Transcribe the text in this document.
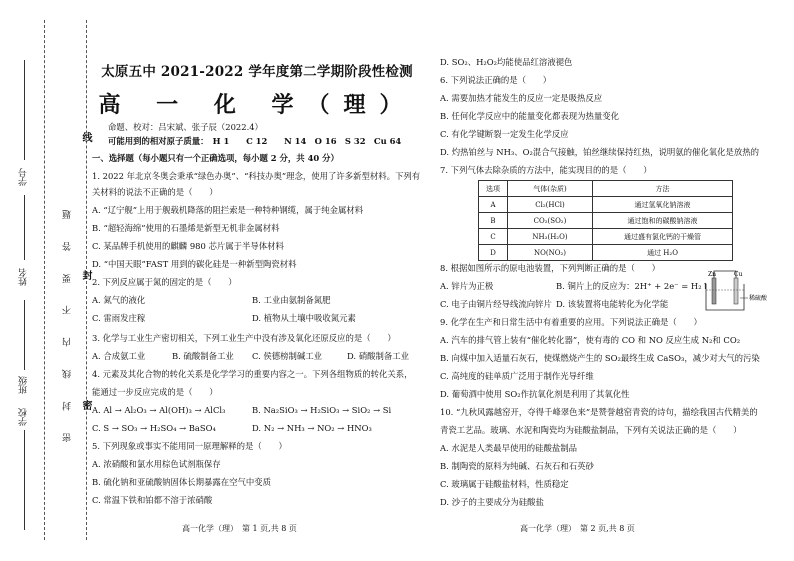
线
封
密
密 封 线 内 不 要 答 题
学号
姓名
学校
班级
太原五中 2021-2022 学年度第二学期阶段性检测
高 一 化 学（理）
命题、校对：吕宋斌、张子辰（2022.4）
可能用到的相对原子质量：　H 1　　C 12　　N 14　O 16　S 32　Cu 64
一、选择题（每小题只有一个正确选项，每小题 2 分，共 40 分）
1. 2022 年北京冬奥会秉承“绿色办奥”、“科技办奥”理念，使用了许多新型材料。下列有
关材料的说法不正确的是（　　）
A. “辽宁舰”上用于舰载机降落的阻拦索是一种特种钢缆，属于纯金属材料
B. “超轻海绵”使用的石墨烯是新型无机非金属材料
C. 某品牌手机使用的麒麟 980 芯片属于半导体材料
D. “中国天眼”FAST 用到的碳化硅是一种新型陶瓷材料
2. 下列反应属于氮的固定的是（　　）
A. 氮气的液化	B. 工业由氨制备氮肥
C. 雷雨发庄稼	D. 植物从土壤中吸收氮元素
3. 化学与工业生产密切相关，下列工业生产中没有涉及氧化还原反应的是（　　）
A. 合成氨工业	B. 硫酸制备工业 C. 侯德榜制碱工业	D. 硝酸制备工业
4. 元素及其化合物的转化关系是化学学习的重要内容之一。下列各组物质的转化关系，
能通过一步反应完成的是（　　）
A. Al → Al₂O₃ → Al(OH)₃ → AlCl₃	B. Na₂SiO₃ → H₂SiO₃ → SiO₂ → Si
C. S → SO₃ → H₂SO₄ → BaSO₄	D. N₂ → NH₃ → NO₂ → HNO₃
5. 下列现象或事实不能用同一原理解释的是（　　）
A. 浓硝酸和氯水用棕色试剂瓶保存
B. 硫化钠和亚硫酸钠固体长期暴露在空气中变质
C. 常温下铁和铂都不溶于浓硝酸
高一化学（理）　第 1 页,共 8 页
D. SO₂、H₂O₂均能使品红溶液褪色
6. 下列说法正确的是（　　）
A. 需要加热才能发生的反应一定是吸热反应
B. 任何化学反应中的能量变化都表现为热量变化
C. 有化学键断裂一定发生化学反应
D. 灼热铂丝与 NH₃、O₂混合气接触，铂丝继续保持红热，说明氨的催化氧化是放热的
7. 下列气体去除杂质的方法中，能实现目的的是（　　）
选项	气体(杂质)	方法
A	Cl₂(HCl)	通过氢氧化钠溶液
B	CO₂(SO₂)	通过饱和的碳酸钠溶液
C	NH₃(H₂O)	通过盛有氯化钙的干燥管
D	NO(NO₂)	通过 H₂O
8. 根据如图所示的原电池装置，下列判断正确的是（　　）
A. 锌片为正极	B. 铜片上的反应为：2H⁺ + 2e⁻ = H₂↑
C. 电子由铜片经导线流向锌片 D. 该装置将电能转化为化学能
Zn	Cu
稀硫酸
9. 化学在生产和日常生活中有着重要的应用。下列说法正确是（　　）
A. 汽车的排气管上装有“催化转化器”，使有毒的 CO 和 NO 反应生成 N₂和 CO₂
B. 向煤中加入适量石灰石，使煤燃烧产生的 SO₂最终生成 CaSO₃，减少对大气的污染
C. 高纯度的硅单质广泛用于制作光导纤维
D. 葡萄酒中使用 SO₂作抗氧化剂是利用了其氧化性
10. “九秋风露越窑开，夺得千峰翠色来”是赞誉越窑青瓷的诗句，描绘我国古代精美的
青瓷工艺品。玻璃、水泥和陶瓷均为硅酸盐制品，下列有关说法正确的是（　　）
A. 水泥是人类最早使用的硅酸盐制品
B. 制陶瓷的原料为纯碱、石灰石和石英砂
C. 玻璃属于硅酸盐材料，性质稳定
D. 沙子的主要成分为硅酸盐
高一化学（理）　第 2 页,共 8 页
